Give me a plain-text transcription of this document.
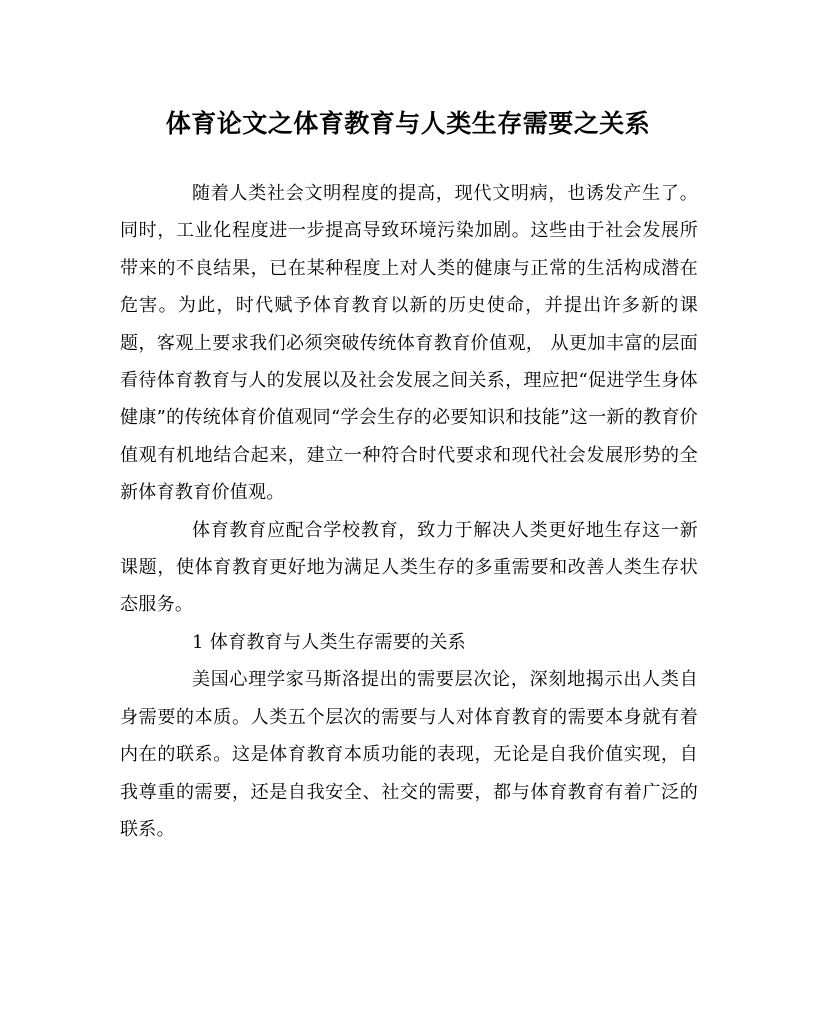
体育论文之体育教育与人类生存需要之关系

随着人类社会文明程度的提高，现代文明病，也诱发产生了。同时，工业化程度进一步提高导致环境污染加剧。这些由于社会发展所带来的不良结果，已在某种程度上对人类的健康与正常的生活构成潜在危害。为此，时代赋予体育教育以新的历史使命，并提出许多新的课题，客观上要求我们必须突破传统体育教育价值观， 从更加丰富的层面看待体育教育与人的发展以及社会发展之间关系，理应把“促进学生身体健康”的传统体育价值观同“学会生存的必要知识和技能”这一新的教育价值观有机地结合起来，建立一种符合时代要求和现代社会发展形势的全新体育教育价值观。

体育教育应配合学校教育，致力于解决人类更好地生存这一新课题，使体育教育更好地为满足人类生存的多重需要和改善人类生存状态服务。

1 体育教育与人类生存需要的关系

美国心理学家马斯洛提出的需要层次论，深刻地揭示出人类自身需要的本质。人类五个层次的需要与人对体育教育的需要本身就有着内在的联系。这是体育教育本质功能的表现，无论是自我价值实现，自我尊重的需要，还是自我安全、社交的需要，都与体育教育有着广泛的联系。
